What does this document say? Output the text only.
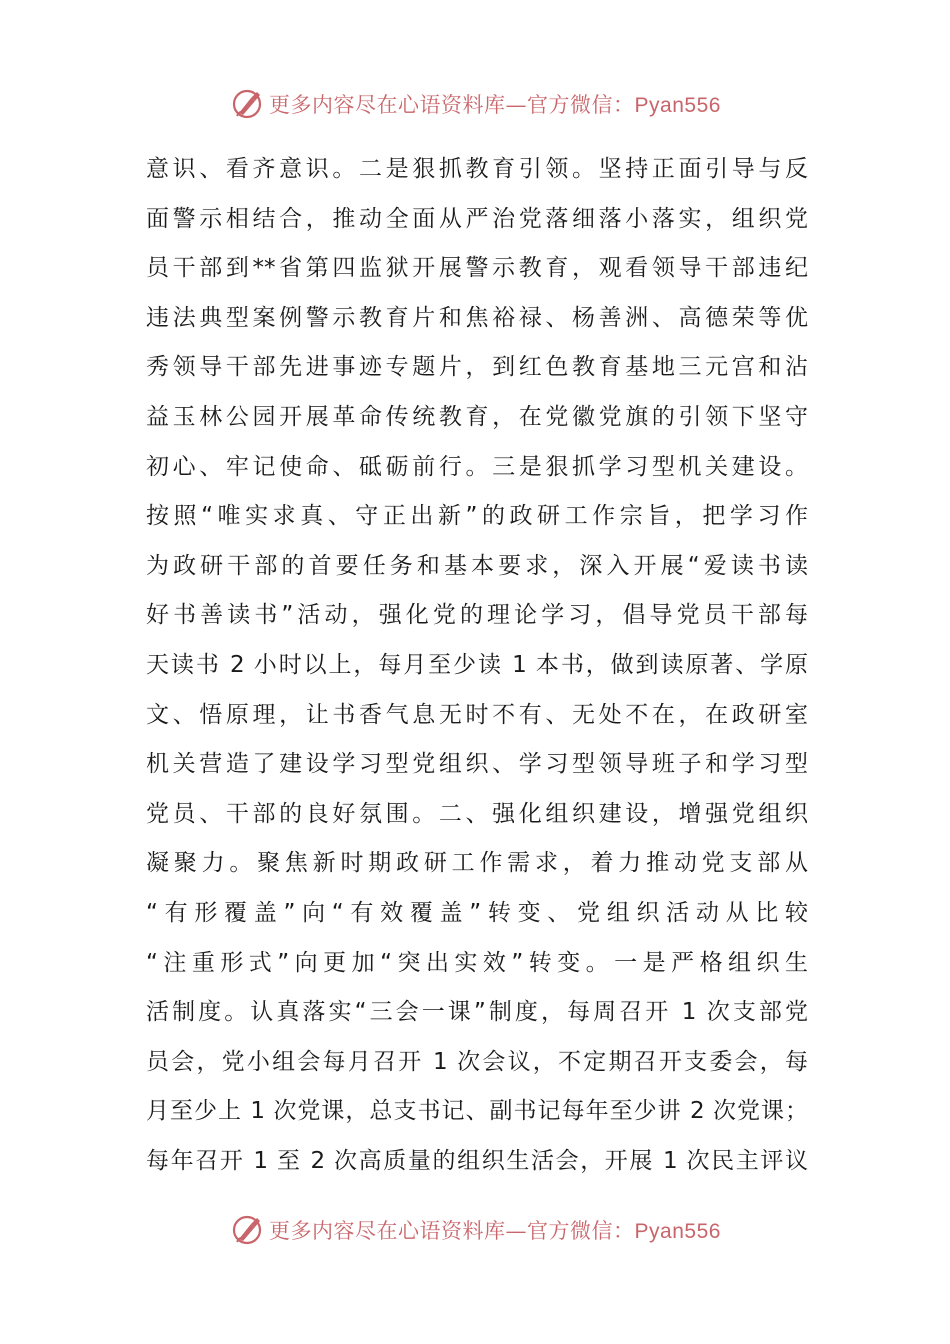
更多内容尽在心语资料库—官方微信：Pyan556
意识、看齐意识。二是狠抓教育引领。坚持正面引导与反
面警示相结合，推动全面从严治党落细落小落实，组织党
员干部到**省第四监狱开展警示教育，观看领导干部违纪
违法典型案例警示教育片和焦裕禄、杨善洲、高德荣等优
秀领导干部先进事迹专题片，到红色教育基地三元宫和沾
益玉林公园开展革命传统教育，在党徽党旗的引领下坚守
初心、牢记使命、砥砺前行。三是狠抓学习型机关建设。
按照“唯实求真、守正出新”的政研工作宗旨，把学习作
为政研干部的首要任务和基本要求，深入开展“爱读书读
好书善读书”活动，强化党的理论学习，倡导党员干部每
天读书 2 小时以上，每月至少读 1 本书，做到读原著、学原
文、悟原理，让书香气息无时不有、无处不在，在政研室
机关营造了建设学习型党组织、学习型领导班子和学习型
党员、干部的良好氛围。二、强化组织建设，增强党组织
凝聚力。聚焦新时期政研工作需求，着力推动党支部从
“有形覆盖”向“有效覆盖”转变、党组织活动从比较
“注重形式”向更加“突出实效”转变。一是严格组织生
活制度。认真落实“三会一课”制度，每周召开 1 次支部党
员会，党小组会每月召开 1 次会议，不定期召开支委会，每
月至少上 1 次党课，总支书记、副书记每年至少讲 2 次党课；
每年召开 1 至 2 次高质量的组织生活会，开展 1 次民主评议
更多内容尽在心语资料库—官方微信：Pyan556
